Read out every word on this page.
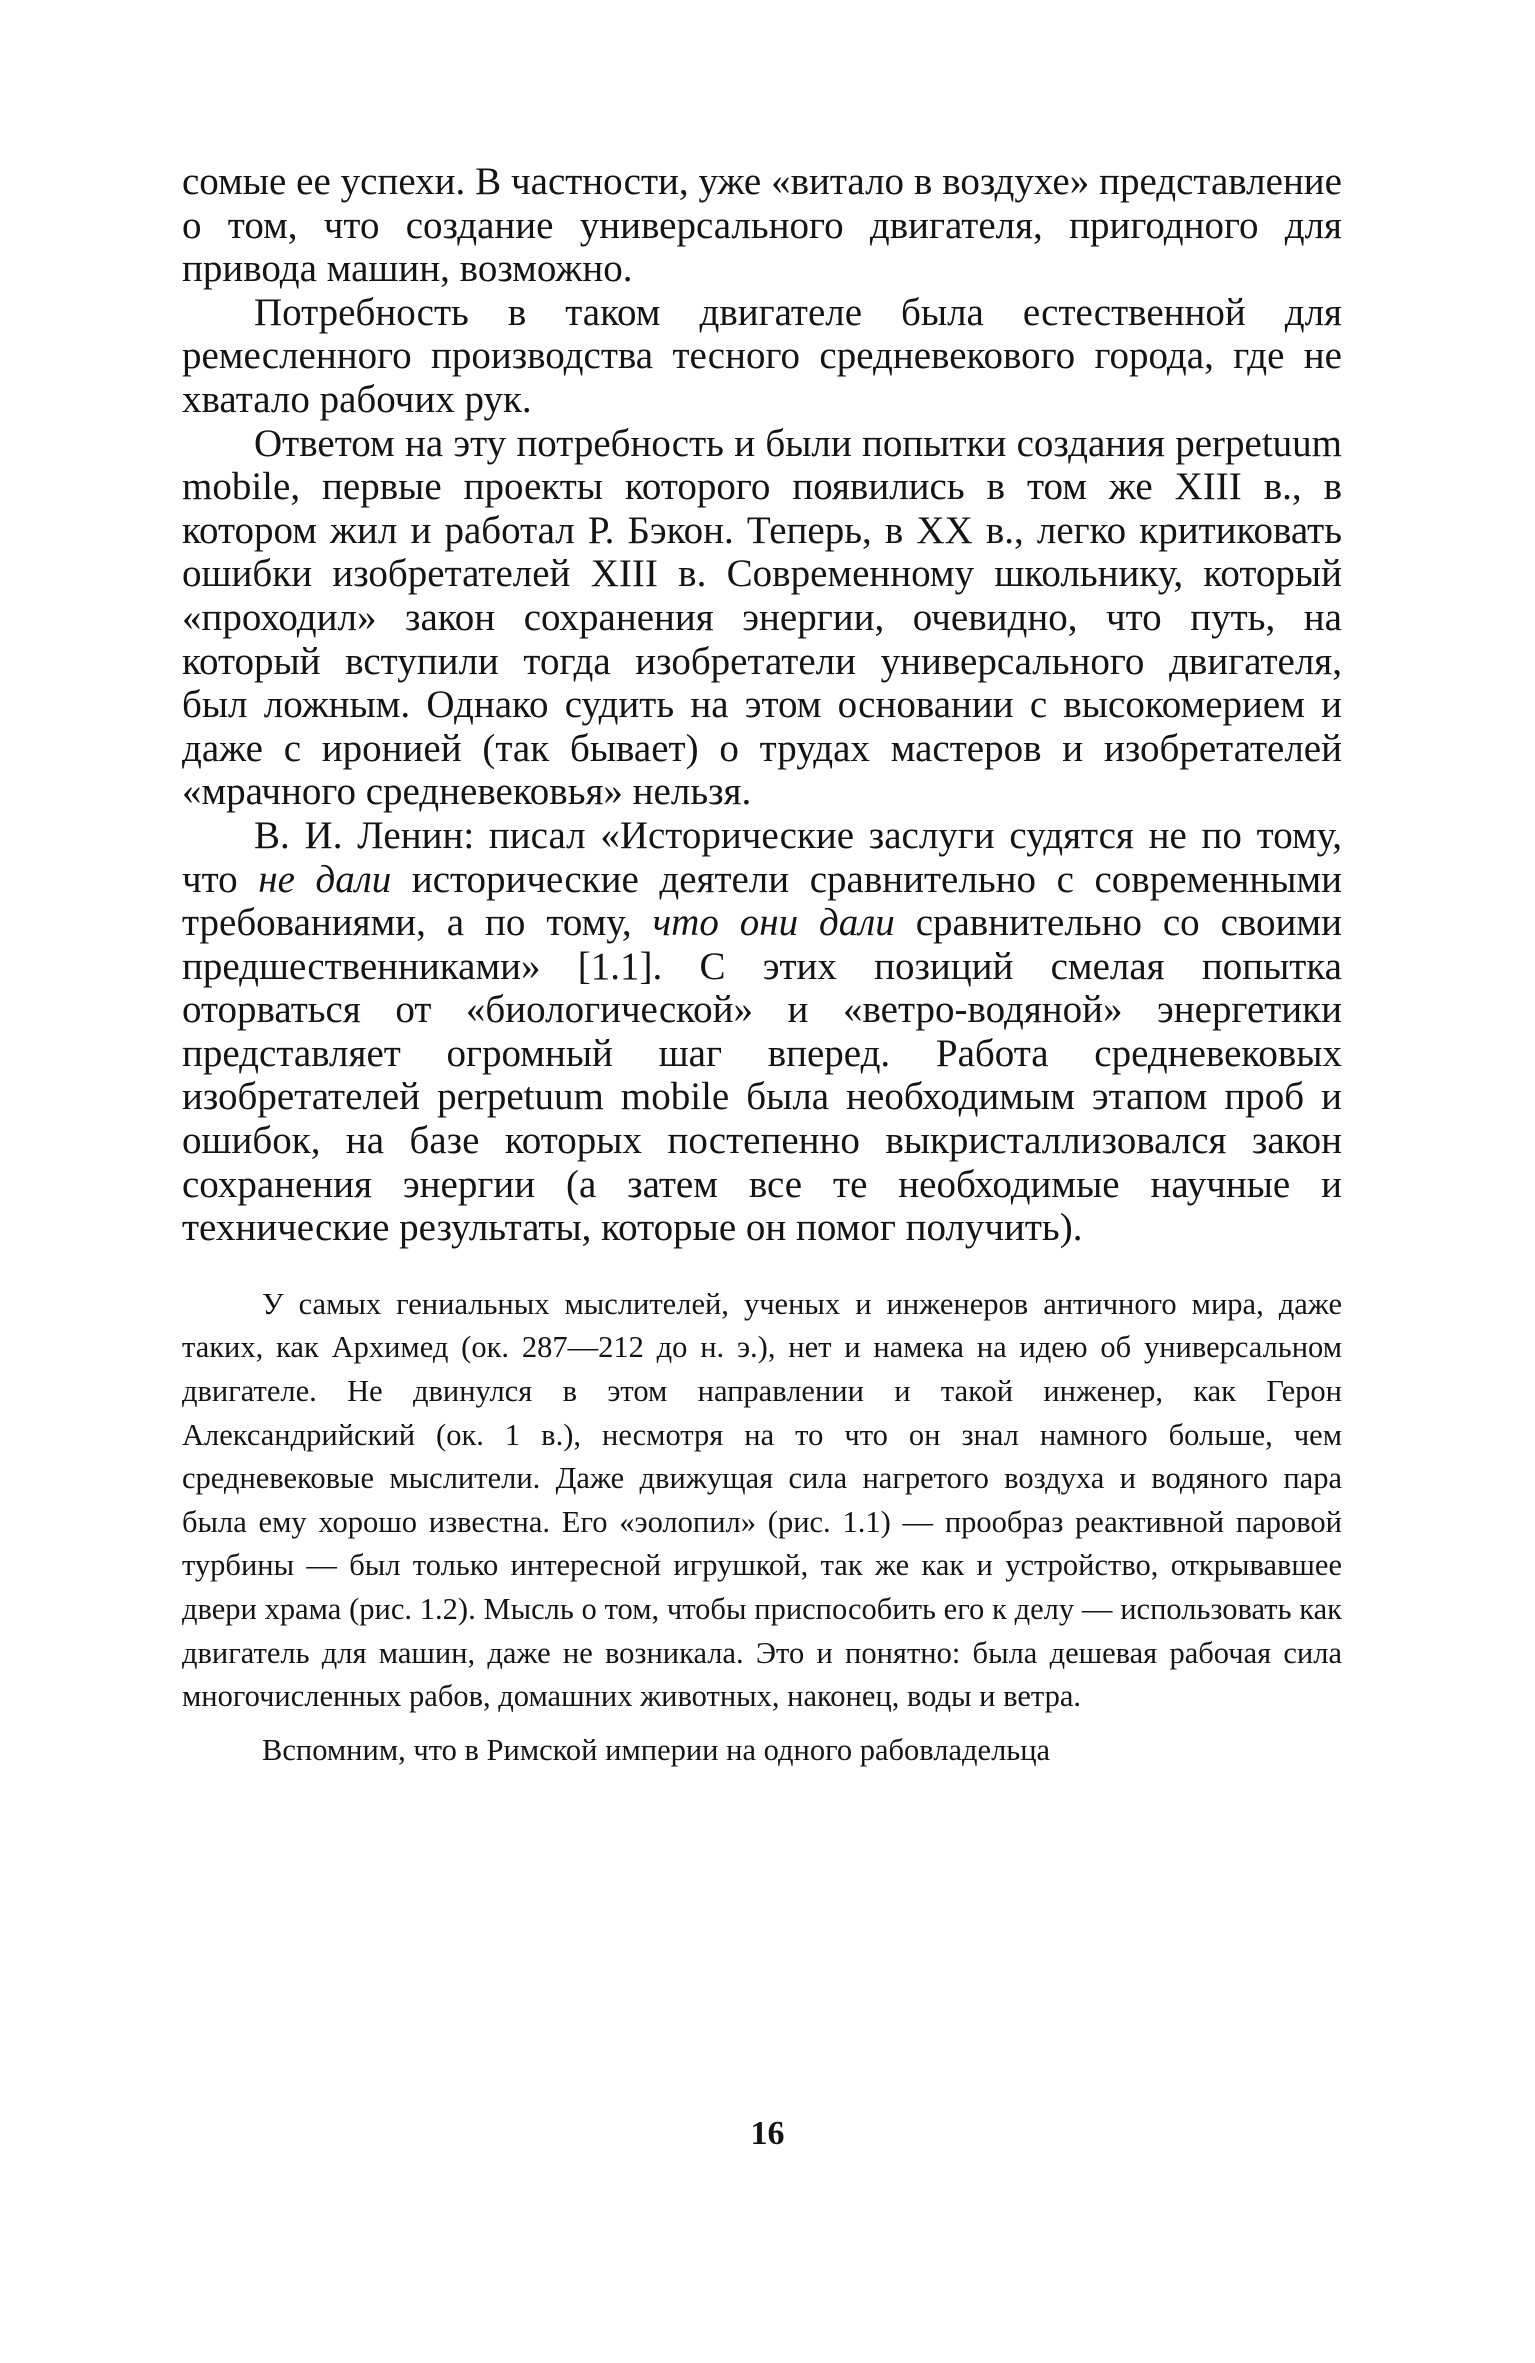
сомые ее успехи. В частности, уже «витало в воздухе» представление о том, что создание универсального двигателя, пригодного для привода машин, возможно.

Потребность в таком двигателе была естественной для ремесленного производства тесного средневекового города, где не хватало рабочих рук.

Ответом на эту потребность и были попытки создания perpetuum mobile, первые проекты которого появились в том же XIII в., в котором жил и работал Р. Бэкон. Теперь, в XX в., легко критиковать ошибки изобретателей XIII в. Современному школьнику, который «проходил» закон сохранения энергии, очевидно, что путь, на который вступили тогда изобретатели универсального двигателя, был ложным. Однако судить на этом основании с высокомерием и даже с иронией (так бывает) о трудах мастеров и изобретателей «мрачного средневековья» нельзя.

В. И. Ленин: писал «Исторические заслуги судятся не по тому, что не дали исторические деятели сравнительно с современными требованиями, а по тому, что они дали сравнительно со своими предшественниками» [1.1]. С этих позиций смелая попытка оторваться от «биологической» и «ветро-водяной» энергетики представляет огромный шаг вперед. Работа средневековых изобретателей perpetuum mobile была необходимым этапом проб и ошибок, на базе которых постепенно выкристаллизовался закон сохранения энергии (а затем все те необходимые научные и технические результаты, которые он помог получить).

У самых гениальных мыслителей, ученых и инженеров античного мира, даже таких, как Архимед (ок. 287—212 до н. э.), нет и намека на идею об универсальном двигателе. Не двинулся в этом направлении и такой инженер, как Герон Александрийский (ок. 1 в.), несмотря на то что он знал намного больше, чем средневековые мыслители. Даже движущая сила нагретого воздуха и водяного пара была ему хорошо известна. Его «эолопил» (рис. 1.1) — прообраз реактивной паровой турбины — был только интересной игрушкой, так же как и устройство, открывавшее двери храма (рис. 1.2). Мысль о том, чтобы приспособить его к делу — использовать как двигатель для машин, даже не возникала. Это и понятно: была дешевая рабочая сила многочисленных рабов, домашних животных, наконец, воды и ветра.

Вспомним, что в Римской империи на одного рабовладельца

16
